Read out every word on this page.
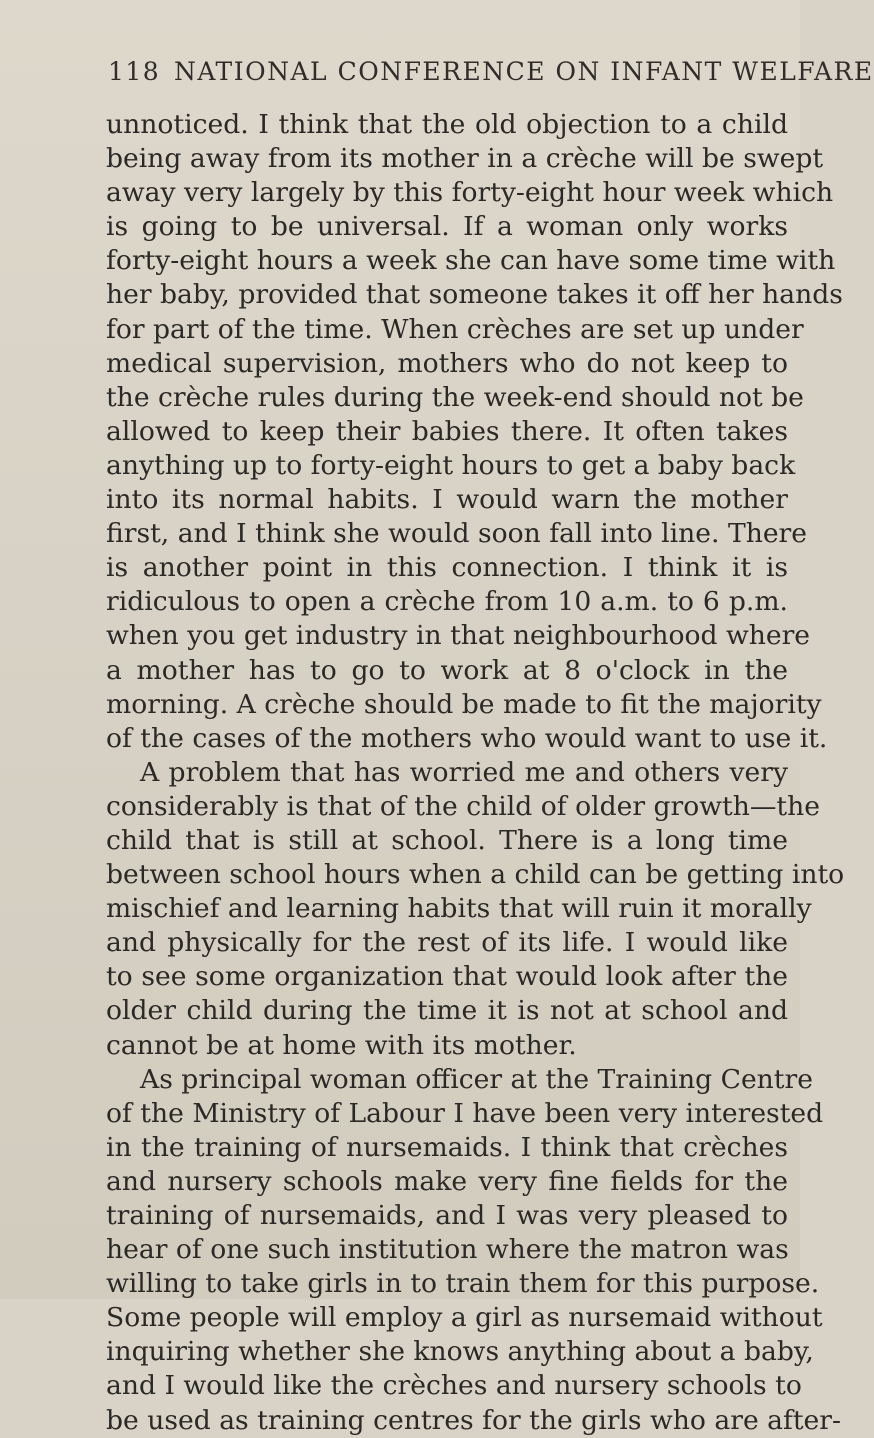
118 NATIONAL CONFERENCE ON INFANT WELFARE
unnoticed. I think that the old objection to a child
being away from its mother in a crèche will be swept
away very largely by this forty-eight hour week which
is going to be universal. If a woman only works
forty-eight hours a week she can have some time with
her baby, provided that someone takes it off her hands
for part of the time. When crèches are set up under
medical supervision, mothers who do not keep to
the crèche rules during the week-end should not be
allowed to keep their babies there. It often takes
anything up to forty-eight hours to get a baby back
into its normal habits. I would warn the mother
first, and I think she would soon fall into line. There
is another point in this connection. I think it is
ridiculous to open a crèche from 10 a.m. to 6 p.m.
when you get industry in that neighbourhood where
a mother has to go to work at 8 o'clock in the
morning. A crèche should be made to fit the majority
of the cases of the mothers who would want to use it.
A problem that has worried me and others very
considerably is that of the child of older growth—the
child that is still at school. There is a long time
between school hours when a child can be getting into
mischief and learning habits that will ruin it morally
and physically for the rest of its life. I would like
to see some organization that would look after the
older child during the time it is not at school and
cannot be at home with its mother.
As principal woman officer at the Training Centre
of the Ministry of Labour I have been very interested
in the training of nursemaids. I think that crèches
and nursery schools make very fine fields for the
training of nursemaids, and I was very pleased to
hear of one such institution where the matron was
willing to take girls in to train them for this purpose.
Some people will employ a girl as nursemaid without
inquiring whether she knows anything about a baby,
and I would like the crèches and nursery schools to
be used as training centres for the girls who are after-
